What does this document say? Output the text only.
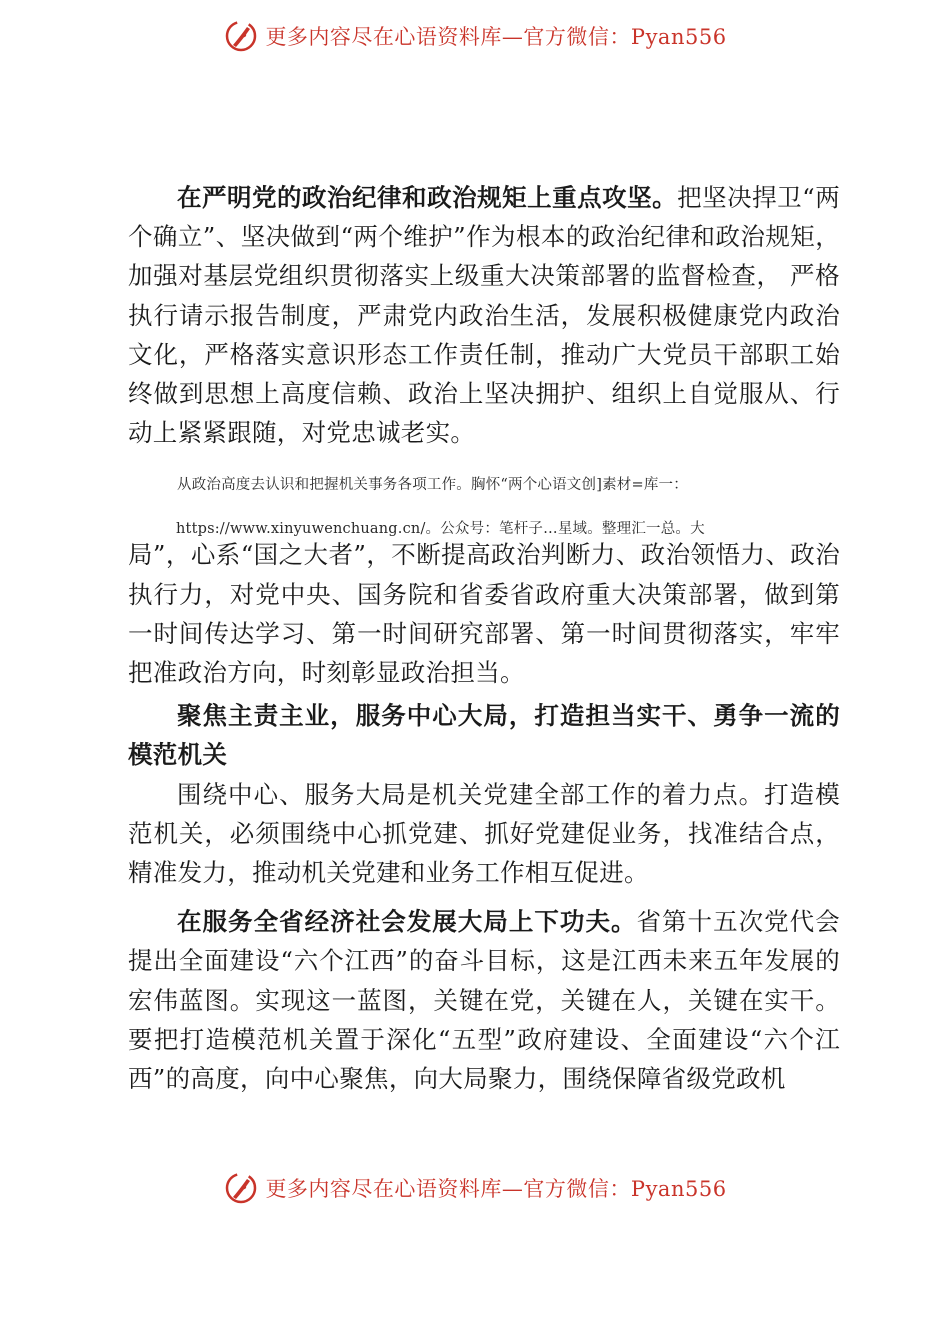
更多内容尽在心语资料库—官方微信：Pyan556

在严明党的政治纪律和政治规矩上重点攻坚。把坚决捍卫“两个确立”、坚决做到“两个维护”作为根本的政治纪律和政治规矩，加强对基层党组织贯彻落实上级重大决策部署的监督检查， 严格执行请示报告制度，严肃党内政治生活，发展积极健康党内政治文化，严格落实意识形态工作责任制，推动广大党员干部职工始终做到思想上高度信赖、政治上坚决拥护、组织上自觉服从、行动上紧紧跟随，对党忠诚老实。

从政治高度去认识和把握机关事务各项工作。胸怀“两个心语文创]素材=库一：

https://www.xinyuwenchuang.cn/。公众号：笔杆子…星域。整理汇一总。大

局”，心系“国之大者”，不断提高政治判断力、政治领悟力、政治执行力，对党中央、国务院和省委省政府重大决策部署，做到第一时间传达学习、第一时间研究部署、第一时间贯彻落实，牢牢把准政治方向，时刻彰显政治担当。

聚焦主责主业，服务中心大局，打造担当实干、勇争一流的模范机关

围绕中心、服务大局是机关党建全部工作的着力点。打造模范机关，必须围绕中心抓党建、抓好党建促业务，找准结合点，精准发力，推动机关党建和业务工作相互促进。

在服务全省经济社会发展大局上下功夫。省第十五次党代会提出全面建设“六个江西”的奋斗目标，这是江西未来五年发展的宏伟蓝图。实现这一蓝图，关键在党，关键在人，关键在实干。要把打造模范机关置于深化“五型”政府建设、全面建设“六个江西”的高度，向中心聚焦，向大局聚力，围绕保障省级党政机

更多内容尽在心语资料库—官方微信：Pyan556
